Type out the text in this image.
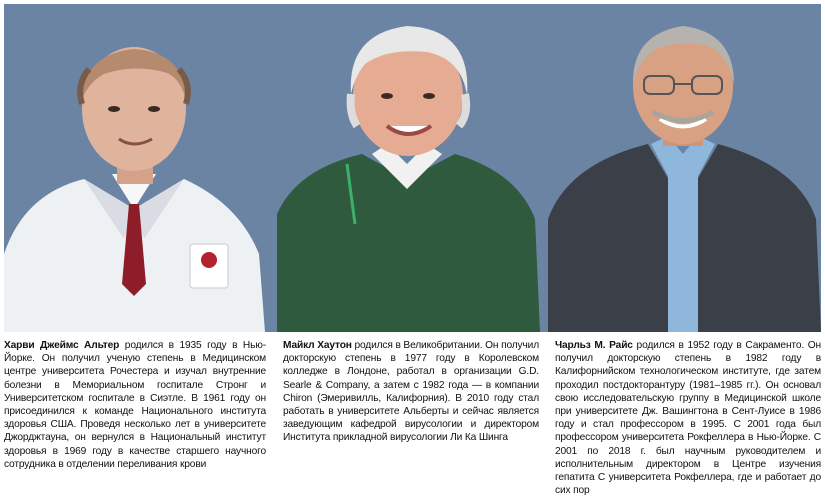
Харви Джеймс Альтер родился в 1935 году в Нью-Йорке. Он получил ученую степень в Медицинском центре университета Рочестера и изучал внутренние болезни в Мемориальном госпитале Стронг и Университетском госпитале в Сиэтле. В 1961 году он присоединился к команде Национального института здоровья США. Проведя несколько лет в университете Джорджтауна, он вернулся в Национальный институт здоровья в 1969 году в качестве старшего научного сотрудника в отделении переливания крови
Майкл Хаутон родился в Великобритании. Он получил докторскую степень в 1977 году в Королевском колледже в Лондоне, работал в организации G.D. Searle & Company, а затем с 1982 года — в компании Chiron (Эмеривилль, Калифорния). В 2010 году стал работать в университете Альберты и сейчас является заведующим кафедрой вирусологии и директором Института прикладной вирусологии Ли Ка Шинга
Чарльз М. Райс родился в 1952 году в Сакраменто. Он получил докторскую степень в 1982 году в Калифорнийском технологическом институте, где затем проходил постдокторантуру (1981–1985 гг.). Он основал свою исследовательскую группу в Медицинской школе при университете Дж. Вашингтона в Сент-Луисе в 1986 году и стал профессором в 1995. С 2001 года был профессором университета Рокфеллера в Нью-Йорке. С 2001 по 2018 г. был научным руководителем и исполнительным директором в Центре изучения гепатита С университета Рокфеллера, где и работает до сих пор
